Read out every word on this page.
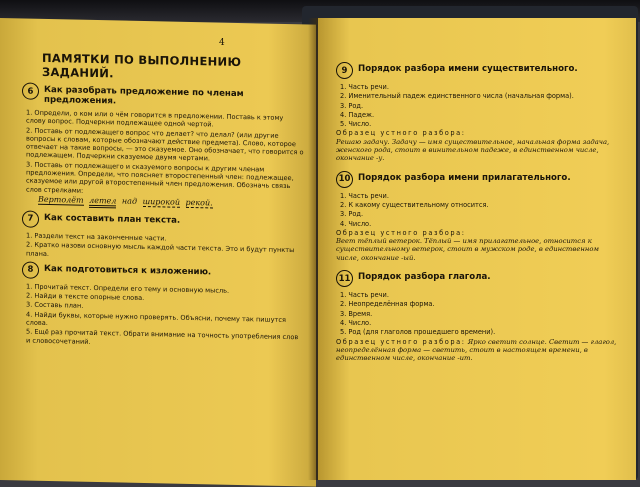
ПАМЯТКИ ПО ВЫПОЛНЕНИЮ ЗАДАНИЙ.
6	Как разобрать предложение по членам предложения.
1. Определи, о ком или о чём говорится в предложении. Поставь к этому слову вопрос. Подчеркни подлежащее одной чертой.
2. Поставь от подлежащего вопрос что делает? что делал? (или другие вопросы к словам, которые обозначают действие предмета). Слово, которое отвечает на такие вопросы, — это сказуемое. Оно обозначает, что говорится о подлежащем. Подчеркни сказуемое двумя чертами.
3. Поставь от подлежащего и сказуемого вопросы к другим членам предложения. Определи, что поясняет второстепенный член: подлежащее, сказуемое или другой второстепенный член предложения. Обозначь связь слов стрелками:
Вертолёт летел над широкой рекой.
7	Как составить план текста.
1. Раздели текст на законченные части.
2. Кратко назови основную мысль каждой части текста. Это и будут пункты плана.
8	Как подготовиться к изложению.
1. Прочитай текст. Определи его тему и основную мысль.
2. Найди в тексте опорные слова.
3. Составь план.
4. Найди буквы, которые нужно проверять. Объясни, почему так пишутся слова.
5. Ещё раз прочитай текст. Обрати внимание на точность употребления слов и словосочетаний.
9	Порядок разбора имени существительного.
1. Часть речи.
2. Именительный падеж единственного числа (начальная форма).
3. Род.
4. Падеж.
5. Число.

Образец устного разбора:

Решаю задачу. Задачу — имя существительное, начальная форма задача, женского рода, стоит в винительном падеже, в единственном числе, окончание -у.

10 Порядок разбора имени прилагательного.
1. Часть речи.
2. К какому существительному относится.
3. Род.
4. Число.

Образец устного разбора:

Веет тёплый ветерок. Тёплый — имя прилагательное, относится к существительному ветерок, стоит в мужском роде, в единственном числе, окончание -ый.

11 Порядок разбора глагола.
1. Часть речи.
2. Неопределённая форма.
3. Время.
4. Число.
5. Род (для глаголов прошедшего времени).

Образец устного разбора: Ярко светит солнце. Светит — глагол, неопределённая форма — светить, стоит в настоящем времени, в единственном числе, окончание -ит.

4
